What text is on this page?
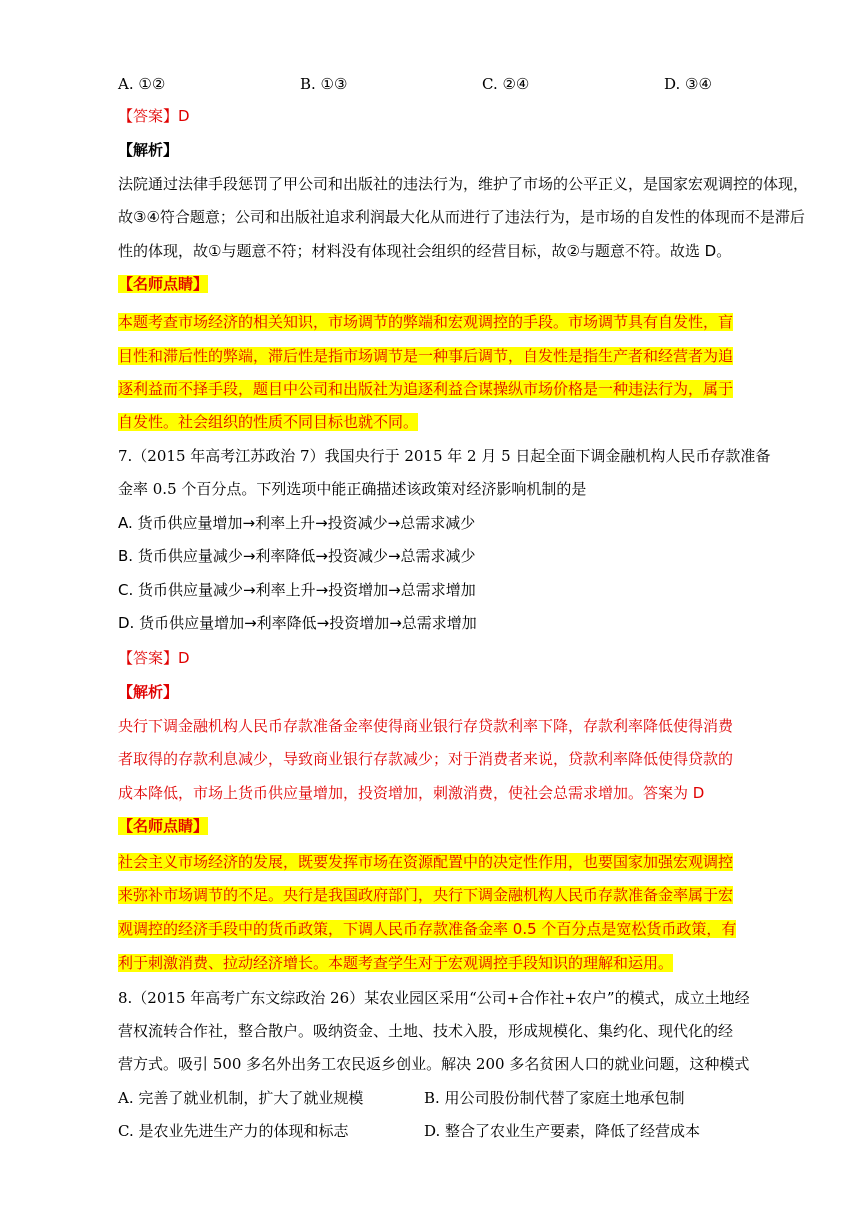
A. ①②	B. ①③	C. ②④	D. ③④
【答案】D
【解析】
法院通过法律手段惩罚了甲公司和出版社的违法行为，维护了市场的公平正义，是国家宏观调控的体现，
故③④符合题意；公司和出版社追求利润最大化从而进行了违法行为，是市场的自发性的体现而不是滞后
性的体现，故①与题意不符；材料没有体现社会组织的经营目标，故②与题意不符。故选 D。
【名师点睛】
本题考查市场经济的相关知识，市场调节的弊端和宏观调控的手段。市场调节具有自发性，盲
目性和滞后性的弊端，滞后性是指市场调节是一种事后调节，自发性是指生产者和经营者为追
逐利益而不择手段，题目中公司和出版社为追逐利益合谋操纵市场价格是一种违法行为，属于
自发性。社会组织的性质不同目标也就不同。
7.（2015 年高考江苏政治 7）我国央行于 2015 年 2 月 5 日起全面下调金融机构人民币存款准备
金率 0.5 个百分点。下列选项中能正确描述该政策对经济影响机制的是
A. 货币供应量增加→利率上升→投资减少→总需求减少
B. 货币供应量减少→利率降低→投资减少→总需求减少
C. 货币供应量减少→利率上升→投资增加→总需求增加
D. 货币供应量增加→利率降低→投资增加→总需求增加
【答案】D
【解析】
央行下调金融机构人民币存款准备金率使得商业银行存贷款利率下降，存款利率降低使得消费
者取得的存款利息减少，导致商业银行存款减少；对于消费者来说，贷款利率降低使得贷款的
成本降低，市场上货币供应量增加，投资增加，刺激消费，使社会总需求增加。答案为 D
【名师点睛】
社会主义市场经济的发展，既要发挥市场在资源配置中的决定性作用，也要国家加强宏观调控
来弥补市场调节的不足。央行是我国政府部门，央行下调金融机构人民币存款准备金率属于宏
观调控的经济手段中的货币政策，下调人民币存款准备金率 0.5 个百分点是宽松货币政策，有
利于刺激消费、拉动经济增长。本题考查学生对于宏观调控手段知识的理解和运用。
8.（2015 年高考广东文综政治 26）某农业园区采用“公司+合作社+农户”的模式，成立土地经
营权流转合作社，整合散户。吸纳资金、土地、技术入股，形成规模化、集约化、现代化的经
营方式。吸引 500 多名外出务工农民返乡创业。解决 200 多名贫困人口的就业问题，这种模式
A. 完善了就业机制，扩大了就业规模	B. 用公司股份制代替了家庭土地承包制
C. 是农业先进生产力的体现和标志	D. 整合了农业生产要素，降低了经营成本
